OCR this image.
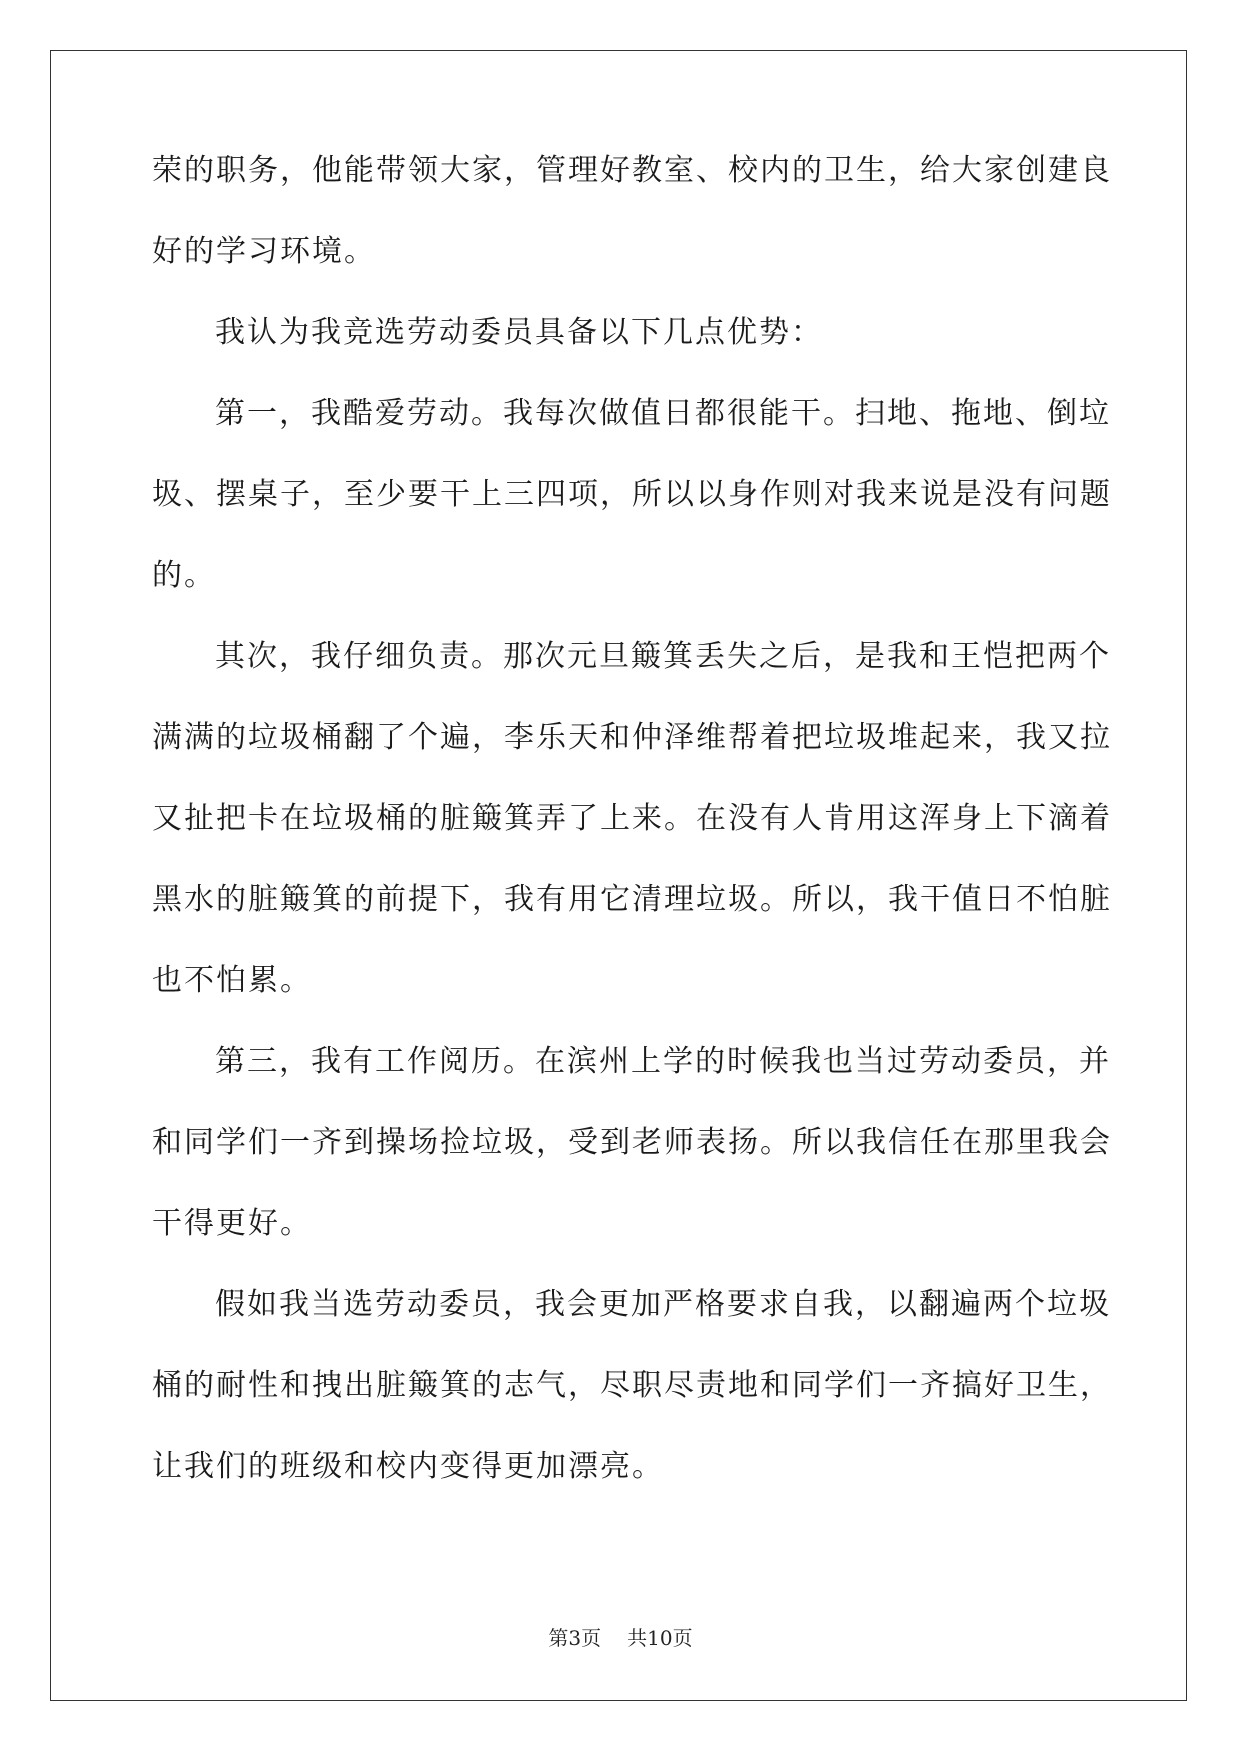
荣的职务，他能带领大家，管理好教室、校内的卫生，给大家创建良
好的学习环境。
我认为我竞选劳动委员具备以下几点优势：
第一，我酷爱劳动。我每次做值日都很能干。扫地、拖地、倒垃
圾、摆桌子，至少要干上三四项，所以以身作则对我来说是没有问题
的。
其次，我仔细负责。那次元旦簸箕丢失之后，是我和王恺把两个
满满的垃圾桶翻了个遍，李乐天和仲泽维帮着把垃圾堆起来，我又拉
又扯把卡在垃圾桶的脏簸箕弄了上来。在没有人肯用这浑身上下滴着
黑水的脏簸箕的前提下，我有用它清理垃圾。所以，我干值日不怕脏
也不怕累。
第三，我有工作阅历。在滨州上学的时候我也当过劳动委员，并
和同学们一齐到操场捡垃圾，受到老师表扬。所以我信任在那里我会
干得更好。
假如我当选劳动委员，我会更加严格要求自我，以翻遍两个垃圾
桶的耐性和拽出脏簸箕的志气，尽职尽责地和同学们一齐搞好卫生，
让我们的班级和校内变得更加漂亮。
第3页 共10页
